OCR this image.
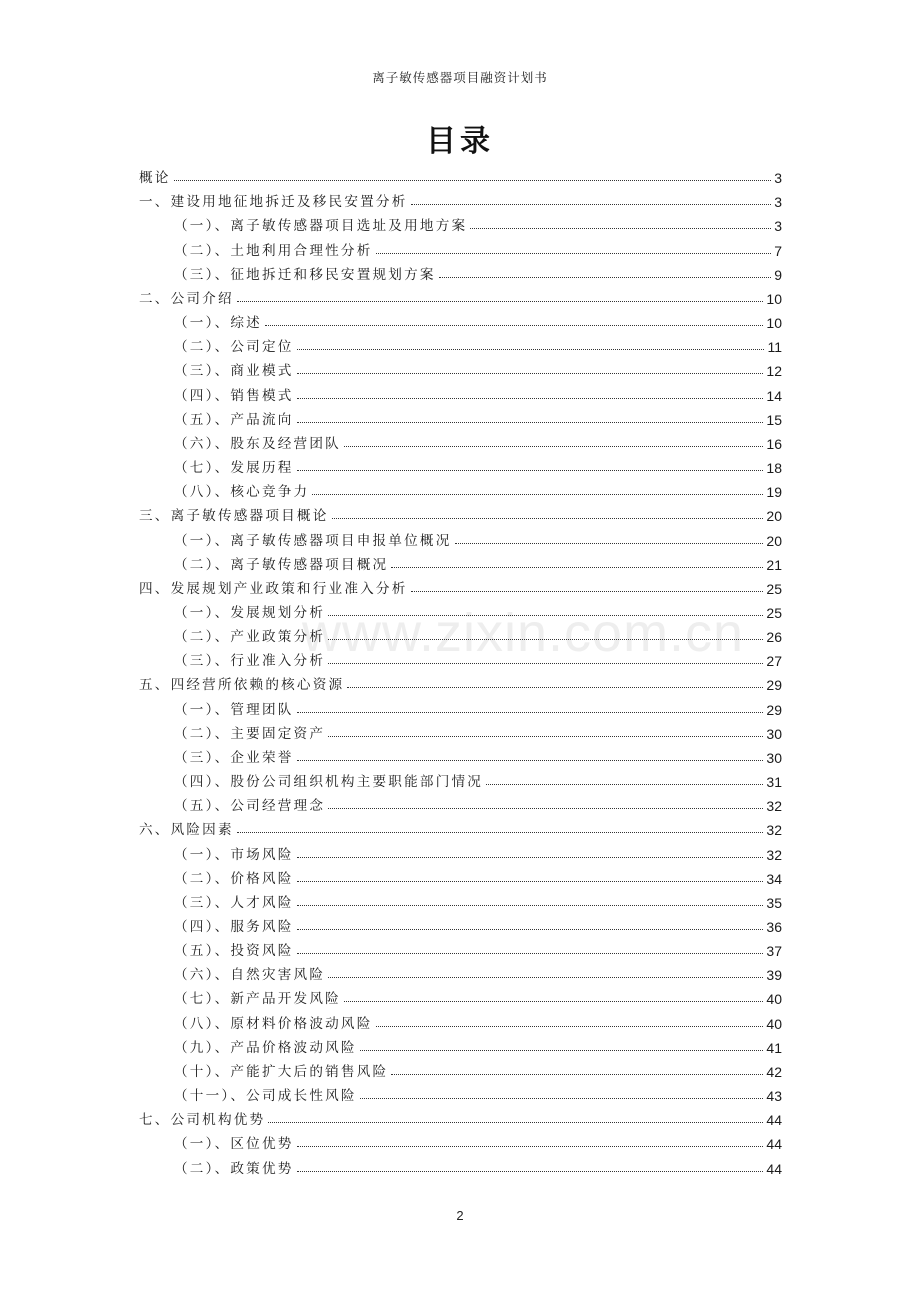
离子敏传感器项目融资计划书
目录
www.zixin.com.cn
概论	3
一、建设用地征地拆迁及移民安置分析	3
（一）、离子敏传感器项目选址及用地方案	3
（二）、土地利用合理性分析	7
（三）、征地拆迁和移民安置规划方案	9
二、公司介绍	10
（一）、综述	10
（二）、公司定位	11
（三）、商业模式	12
（四）、销售模式	14
（五）、产品流向	15
（六）、股东及经营团队	16
（七）、发展历程	18
（八）、核心竞争力	19
三、离子敏传感器项目概论	20
（一）、离子敏传感器项目申报单位概况	20
（二）、离子敏传感器项目概况	21
四、发展规划产业政策和行业准入分析	25
（一）、发展规划分析	25
（二）、产业政策分析	26
（三）、行业准入分析	27
五、四经营所依赖的核心资源	29
（一）、管理团队	29
（二）、主要固定资产	30
（三）、企业荣誉	30
（四）、股份公司组织机构主要职能部门情况	31
（五）、公司经营理念	32
六、风险因素	32
（一）、市场风险	32
（二）、价格风险	34
（三）、人才风险	35
（四）、服务风险	36
（五）、投资风险	37
（六）、自然灾害风险	39
（七）、新产品开发风险	40
（八）、原材料价格波动风险	40
（九）、产品价格波动风险	41
（十）、产能扩大后的销售风险	42
（十一）、公司成长性风险	43
七、公司机构优势	44
（一）、区位优势	44
（二）、政策优势	44
2
